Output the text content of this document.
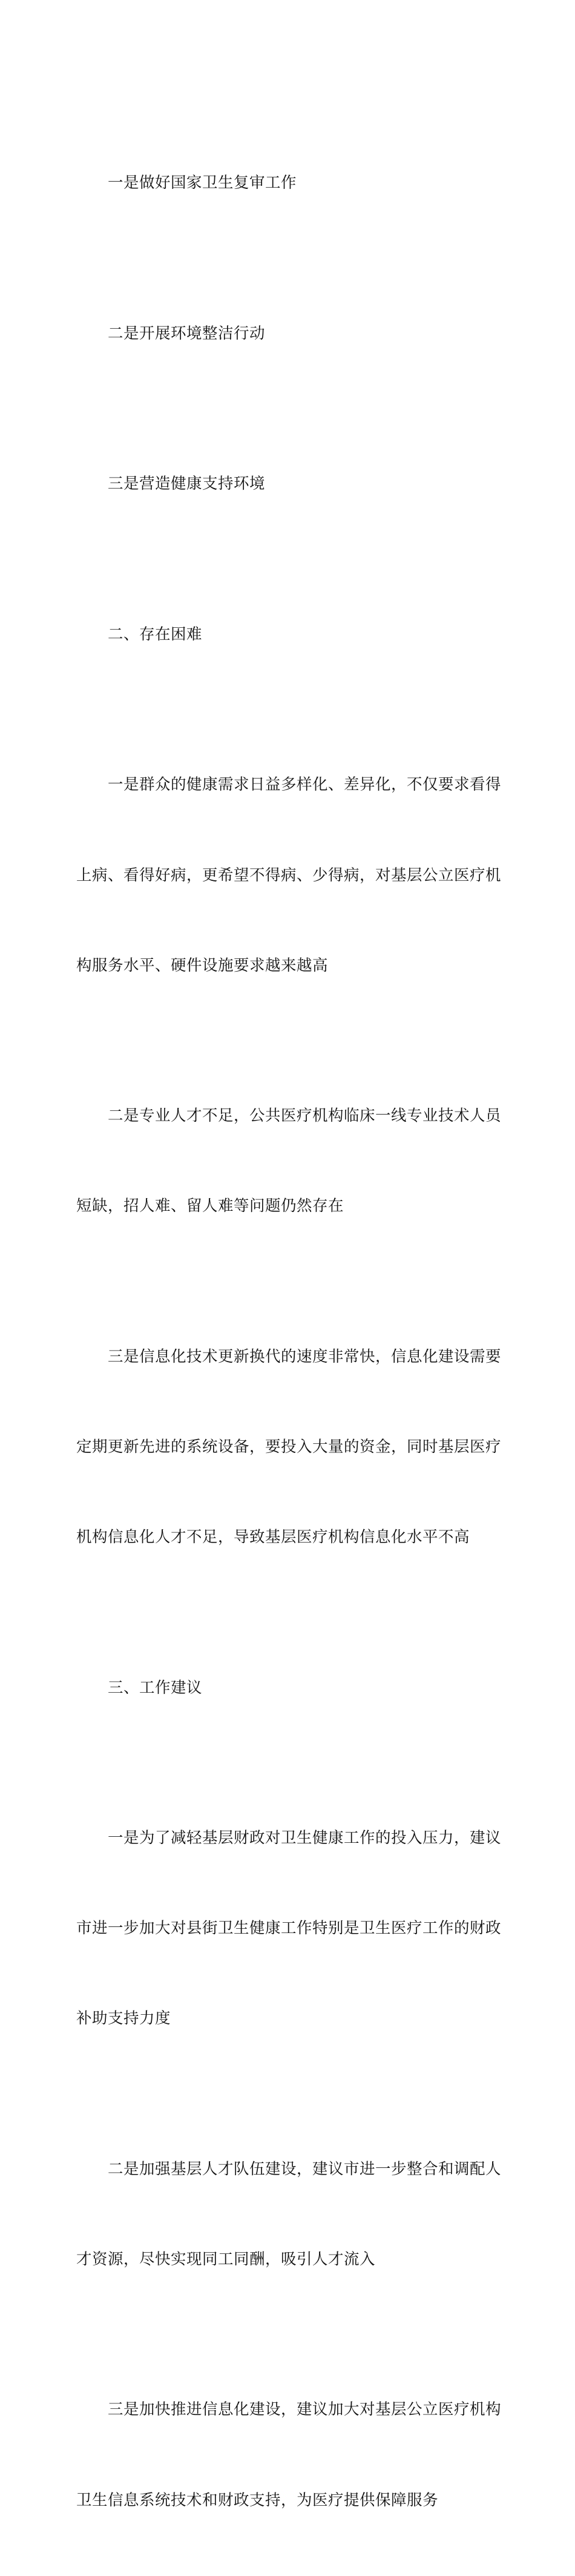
一是做好国家卫生复审工作

二是开展环境整洁行动

三是营造健康支持环境

二、存在困难

一是群众的健康需求日益多样化、差异化，不仅要求看得

上病、看得好病，更希望不得病、少得病，对基层公立医疗机

构服务水平、硬件设施要求越来越高

二是专业人才不足，公共医疗机构临床一线专业技术人员

短缺，招人难、留人难等问题仍然存在

三是信息化技术更新换代的速度非常快，信息化建设需要

定期更新先进的系统设备，要投入大量的资金，同时基层医疗

机构信息化人才不足，导致基层医疗机构信息化水平不高

三、工作建议

一是为了减轻基层财政对卫生健康工作的投入压力，建议

市进一步加大对县街卫生健康工作特别是卫生医疗工作的财政

补助支持力度

二是加强基层人才队伍建设，建议市进一步整合和调配人

才资源，尽快实现同工同酬，吸引人才流入

三是加快推进信息化建设，建议加大对基层公立医疗机构

卫生信息系统技术和财政支持，为医疗提供保障服务
